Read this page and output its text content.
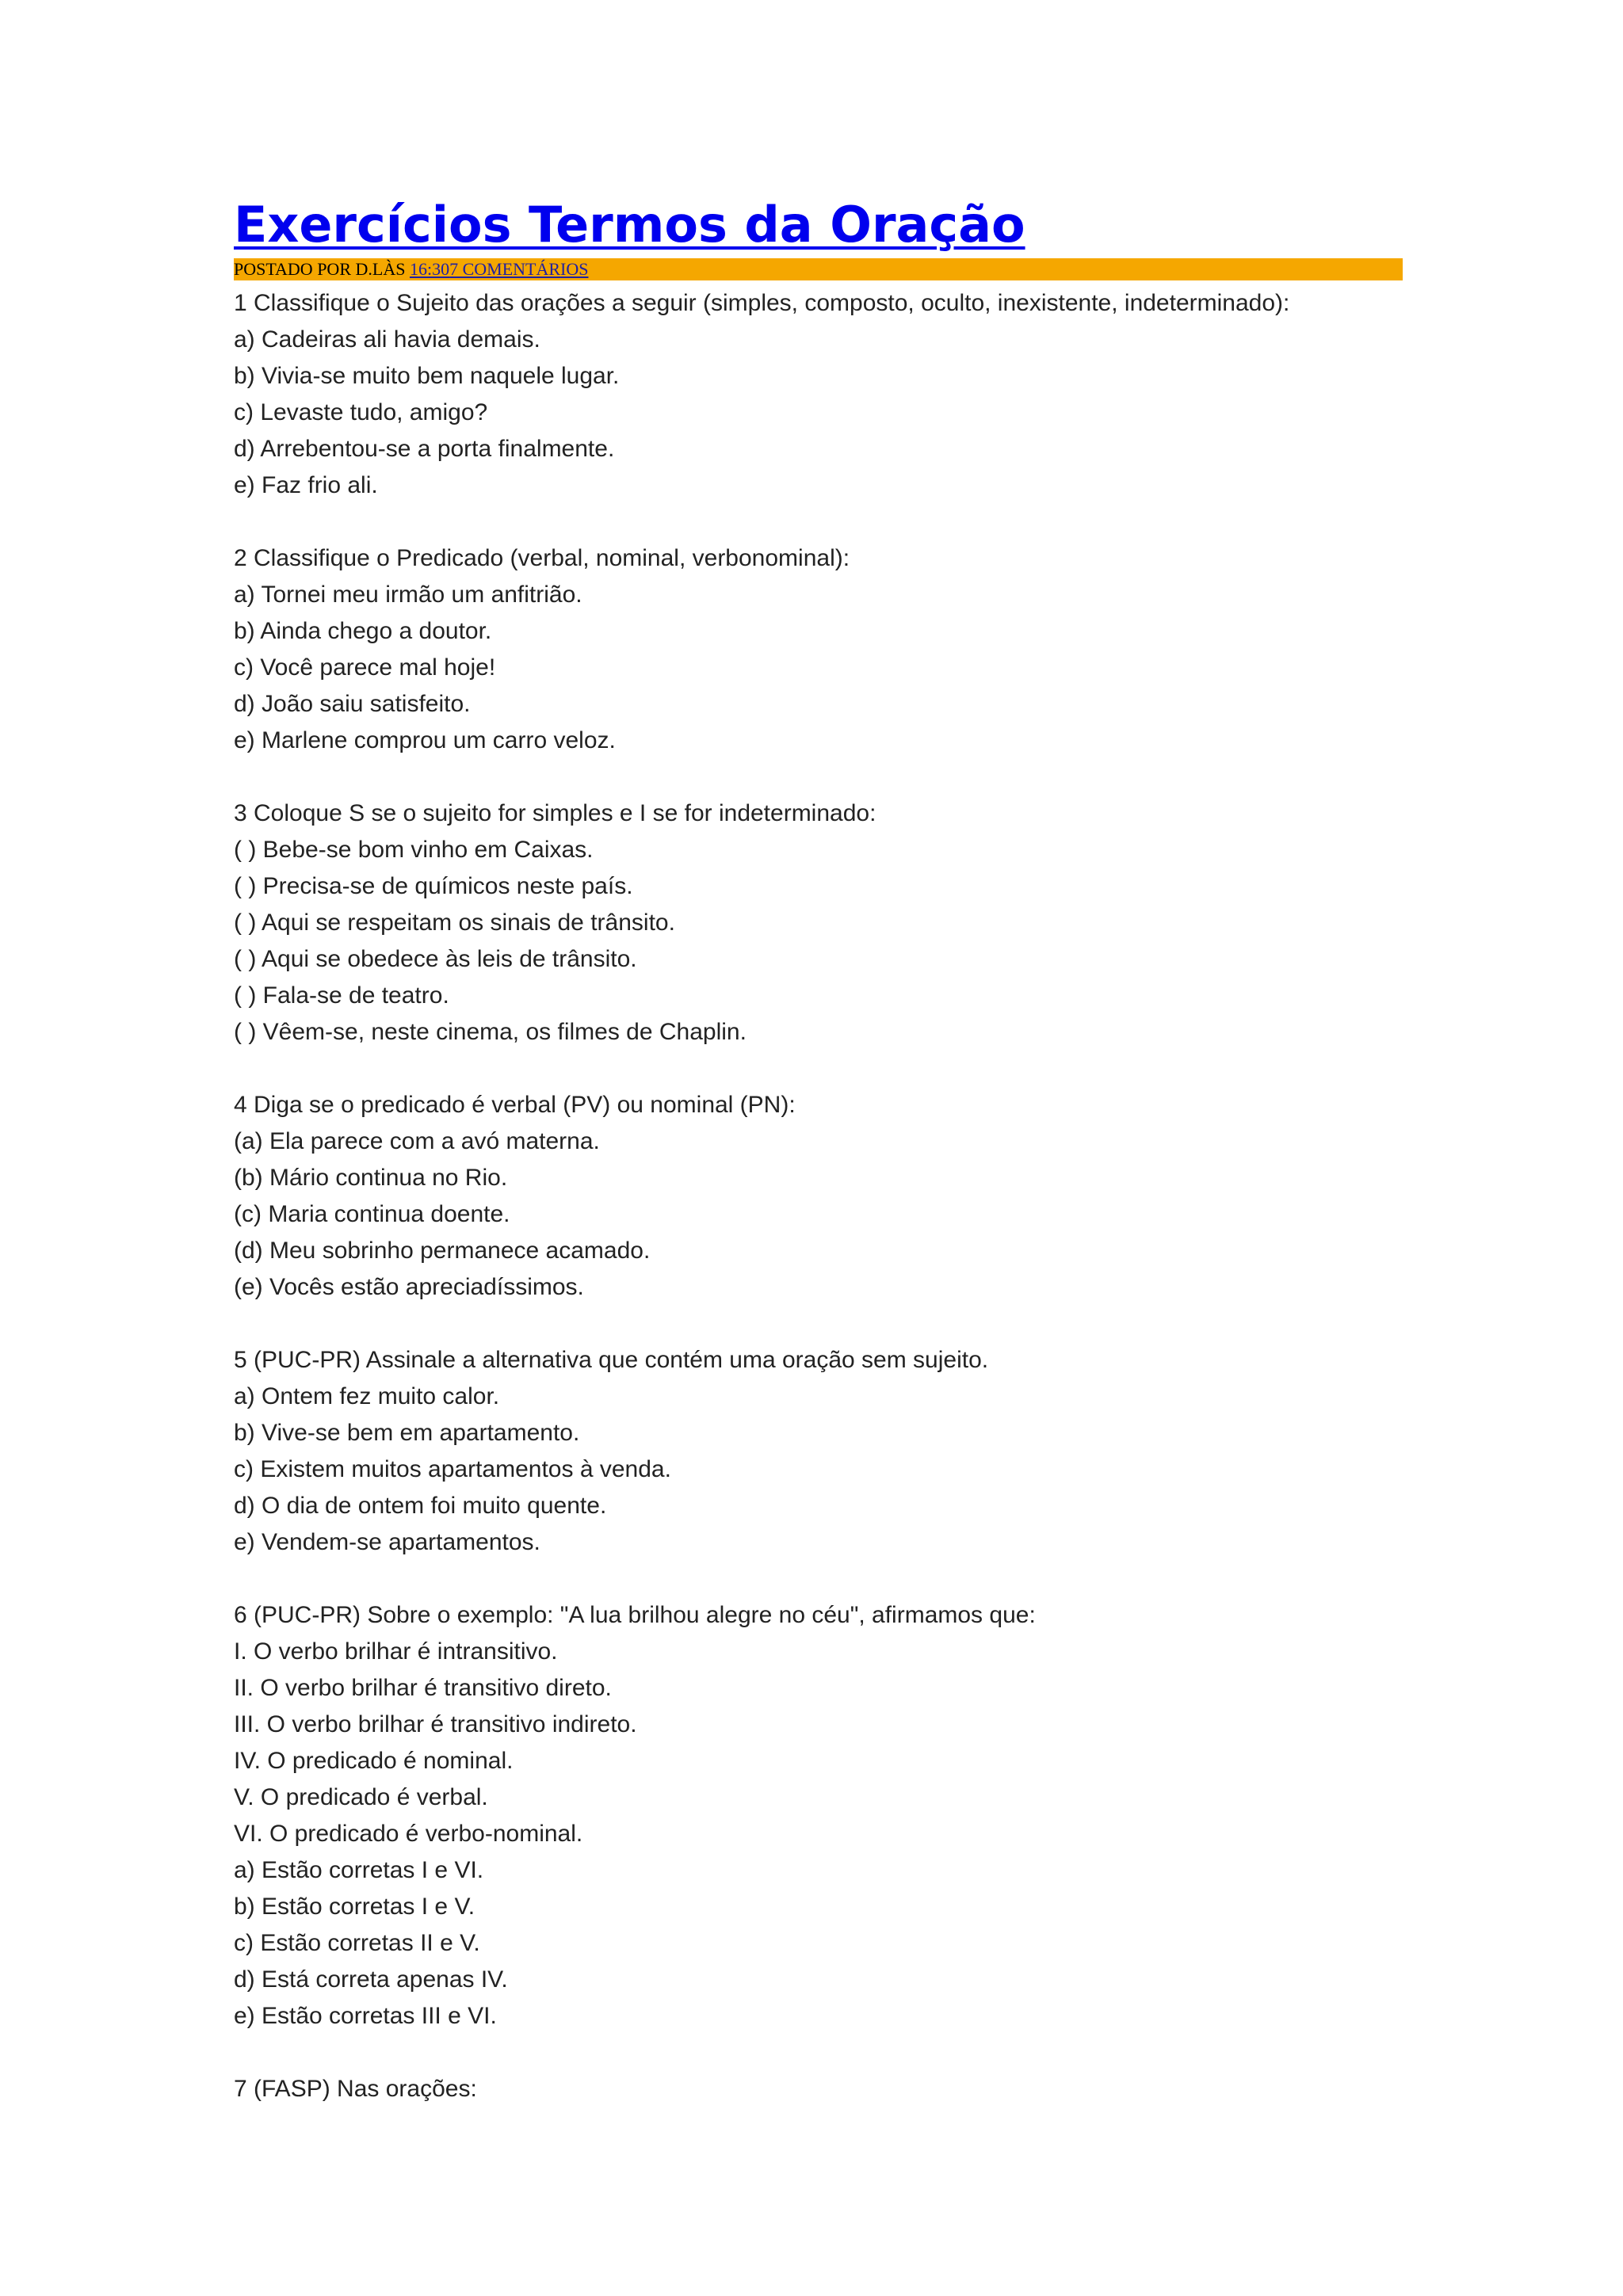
Exercícios Termos da Oração
POSTADO POR D.LÀS 16:307 COMENTÁRIOS
1 Classifique o Sujeito das orações a seguir (simples, composto, oculto, inexistente, indeterminado):
a) Cadeiras ali havia demais.
b) Vivia-se muito bem naquele lugar.
c) Levaste tudo, amigo?
d) Arrebentou-se a porta finalmente.
e) Faz frio ali.
2 Classifique o Predicado (verbal, nominal, verbonominal):
a) Tornei meu irmão um anfitrião.
b) Ainda chego a doutor.
c) Você parece mal hoje!
d) João saiu satisfeito.
e) Marlene comprou um carro veloz.
3 Coloque S se o sujeito for simples e I se for indeterminado:
( ) Bebe-se bom vinho em Caixas.
( ) Precisa-se de químicos neste país.
( ) Aqui se respeitam os sinais de trânsito.
( ) Aqui se obedece às leis de trânsito.
( ) Fala-se de teatro.
( ) Vêem-se, neste cinema, os filmes de Chaplin.
4 Diga se o predicado é verbal (PV) ou nominal (PN):
(a) Ela parece com a avó materna.
(b) Mário continua no Rio.
(c) Maria continua doente.
(d) Meu sobrinho permanece acamado.
(e) Vocês estão apreciadíssimos.
5 (PUC-PR) Assinale a alternativa que contém uma oração sem sujeito.
a) Ontem fez muito calor.
b) Vive-se bem em apartamento.
c) Existem muitos apartamentos à venda.
d) O dia de ontem foi muito quente.
e) Vendem-se apartamentos.
6 (PUC-PR) Sobre o exemplo: "A lua brilhou alegre no céu", afirmamos que:
I. O verbo brilhar é intransitivo.
II. O verbo brilhar é transitivo direto.
III. O verbo brilhar é transitivo indireto.
IV. O predicado é nominal.
V. O predicado é verbal.
VI. O predicado é verbo-nominal.
a) Estão corretas I e VI.
b) Estão corretas I e V.
c) Estão corretas II e V.
d) Está correta apenas IV.
e) Estão corretas III e VI.
7 (FASP) Nas orações:
